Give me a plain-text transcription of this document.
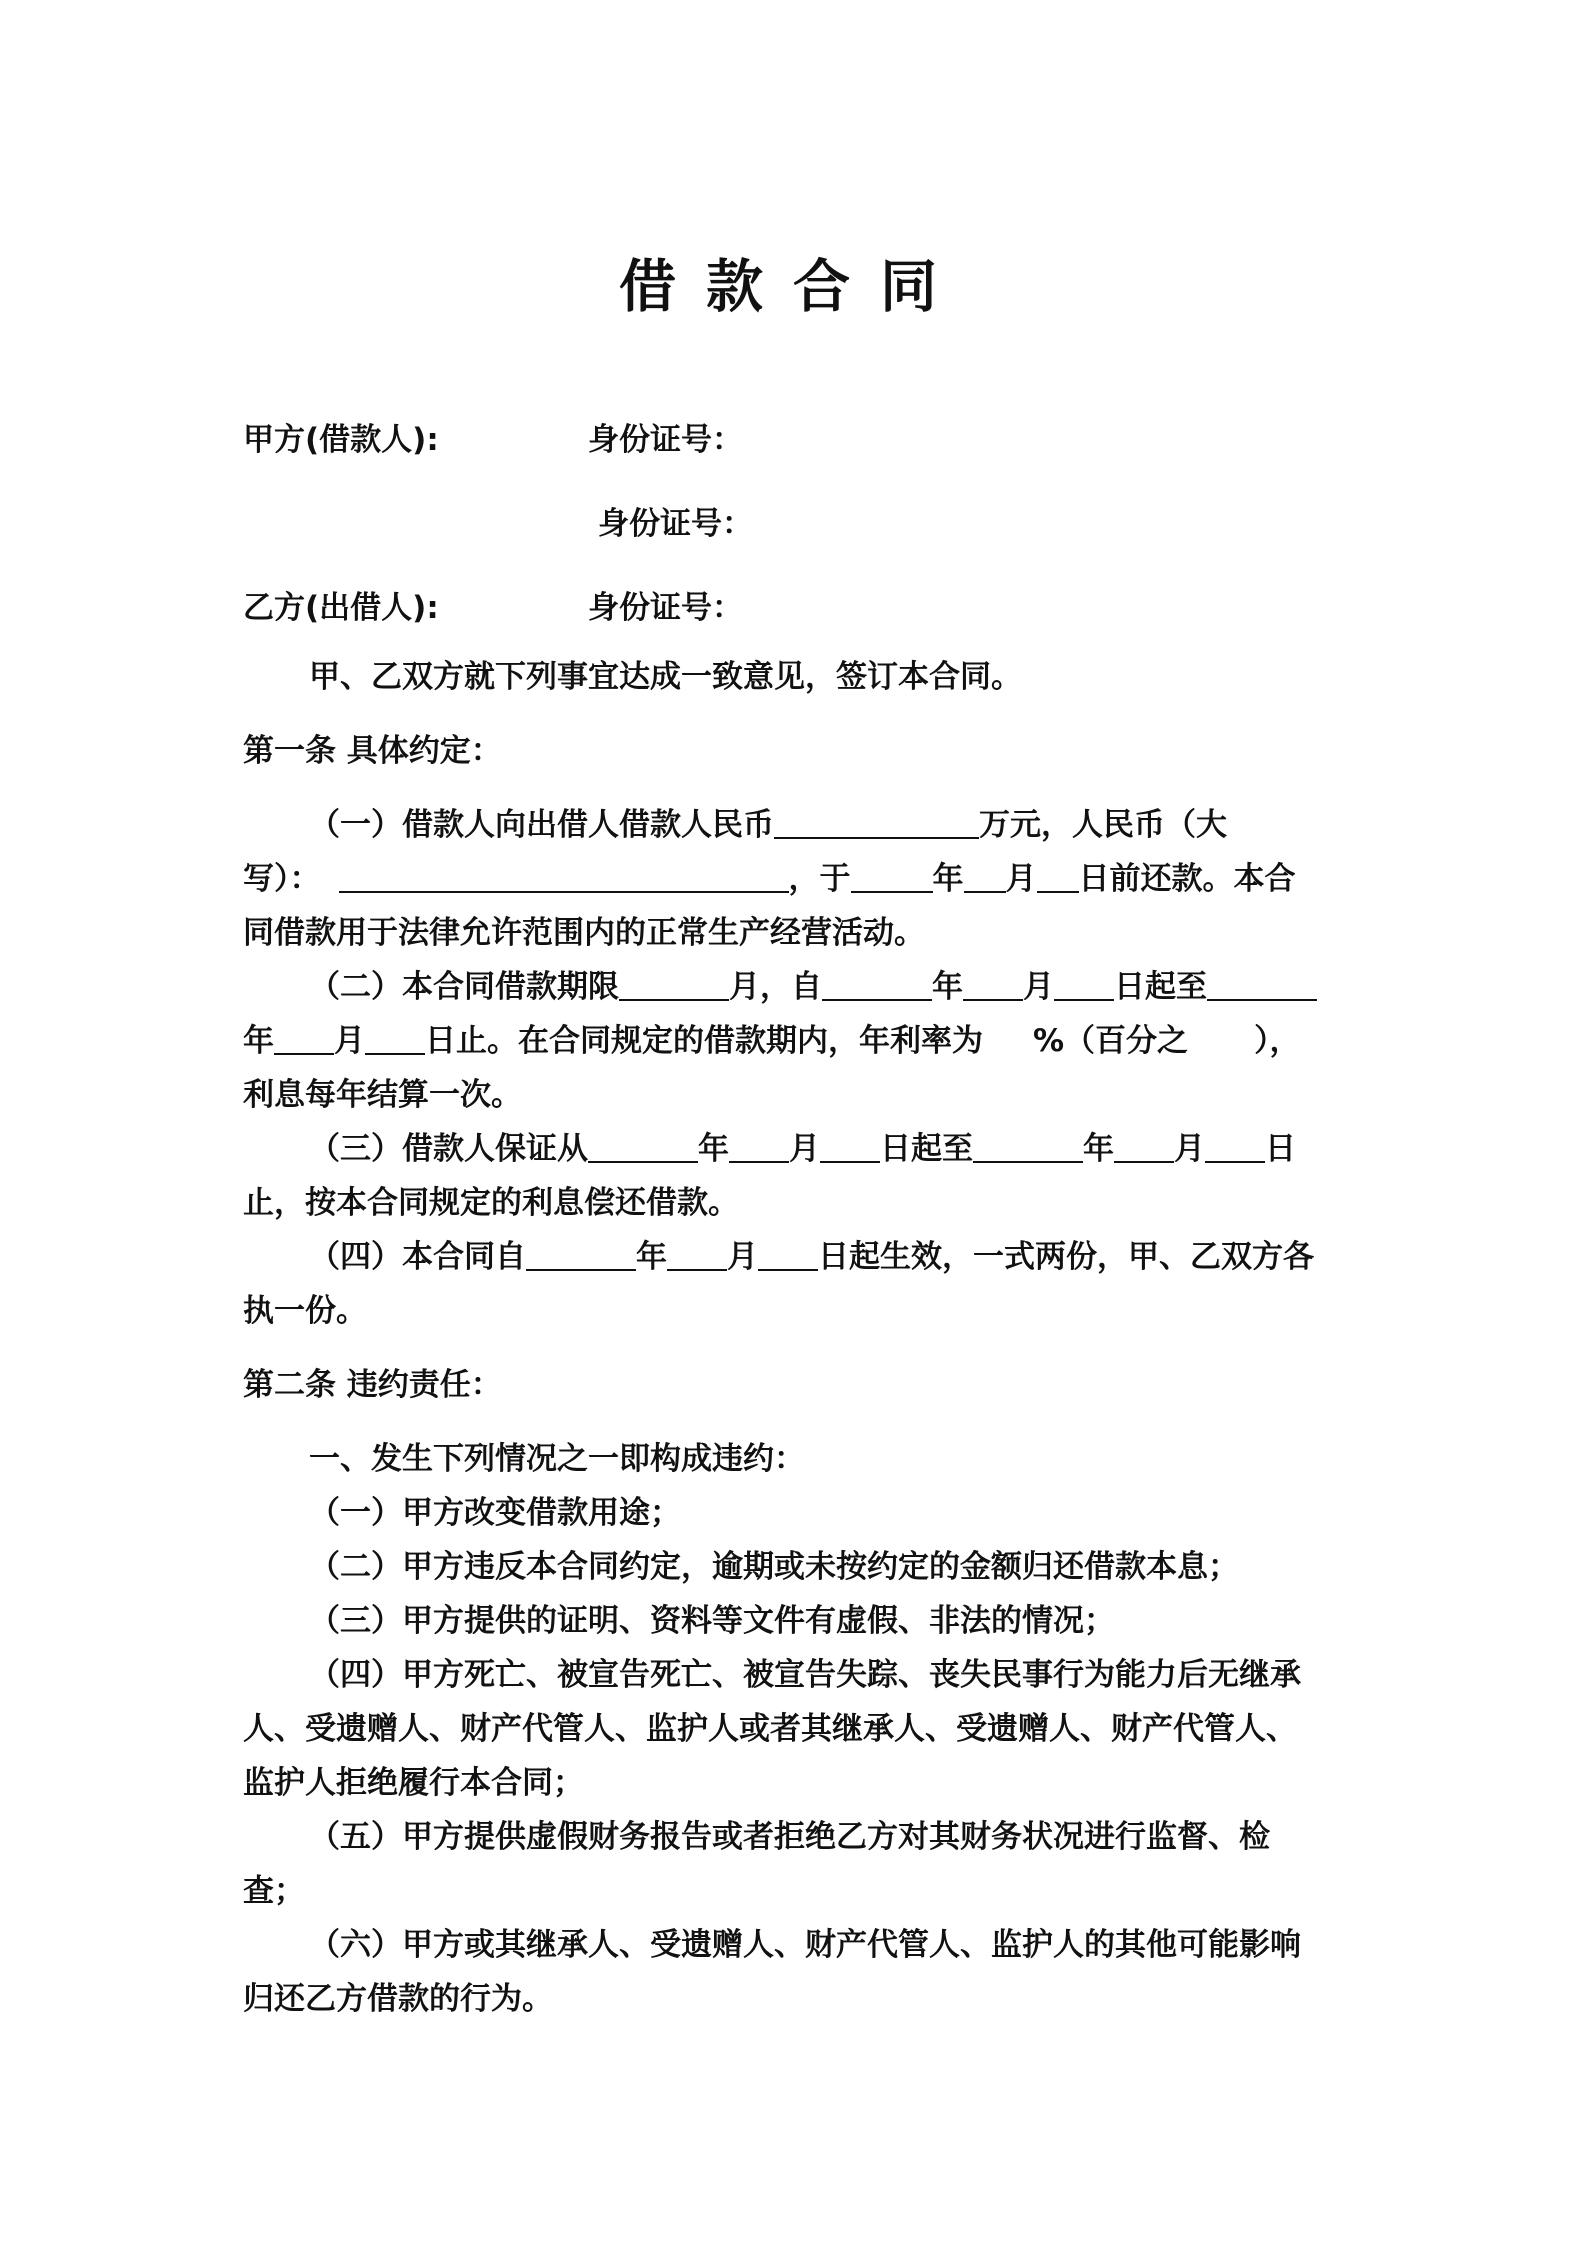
借款合同
甲方(借款人):	身份证号：
身份证号：
乙方(出借人):	身份证号：

甲、乙双方就下列事宜达成一致意见，签订本合同。

第一条 具体约定：

（一）借款人向出借人借款人民币	万元，人民币（大

写）：	，于	年 月 日前还款。本合

同借款用于法律允许范围内的正常生产经营活动。

（二）本合同借款期限	月，自	年 月 日起至

年 月 日止。在合同规定的借款期内，年利率为 %（百分之 ），

利息每年结算一次。

（三）借款人保证从	年 月 日起至	年 月 日

止，按本合同规定的利息偿还借款。

（四）本合同自	年 月 日起生效，一式两份，甲、乙双方各

执一份。

第二条 违约责任：

一、发生下列情况之一即构成违约：

（一）甲方改变借款用途；

（二）甲方违反本合同约定，逾期或未按约定的金额归还借款本息；

（三）甲方提供的证明、资料等文件有虚假、非法的情况；

（四）甲方死亡、被宣告死亡、被宣告失踪、丧失民事行为能力后无继承

人、受遗赠人、财产代管人、监护人或者其继承人、受遗赠人、财产代管人、

监护人拒绝履行本合同；

（五）甲方提供虚假财务报告或者拒绝乙方对其财务状况进行监督、检

查；

（六）甲方或其继承人、受遗赠人、财产代管人、监护人的其他可能影响

归还乙方借款的行为。
